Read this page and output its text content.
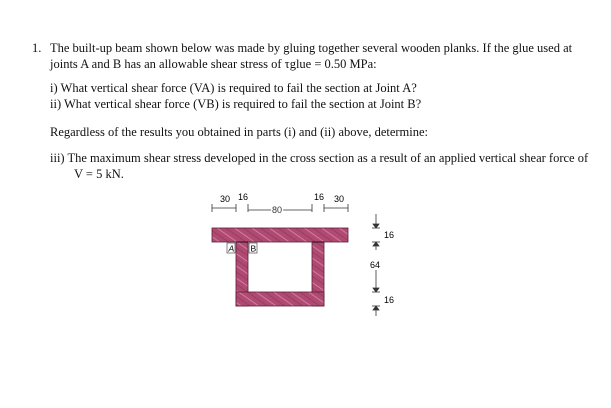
1. The built-up beam shown below was made by gluing together several wooden planks. If the glue used at joints A and B has an allowable shear stress of τglue = 0.50 MPa:
i) What vertical shear force (VA) is required to fail the section at Joint A?
ii) What vertical shear force (VB) is required to fail the section at Joint B?
Regardless of the results you obtained in parts (i) and (ii) above, determine:
iii) The maximum shear stress developed in the cross section as a result of an applied vertical shear force of V = 5 kN.
30 16
80
16 30
A B
16
64
16
